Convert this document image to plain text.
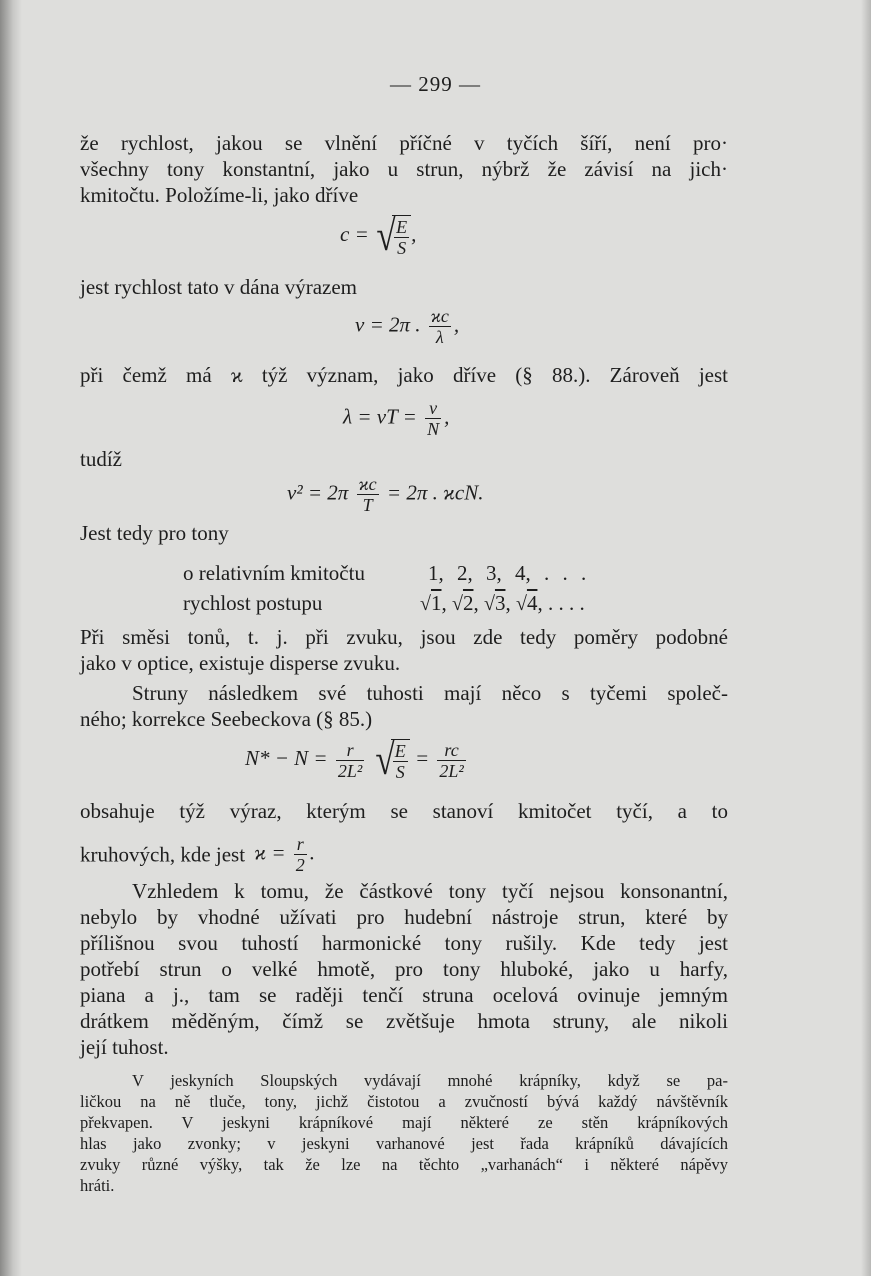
— 299 —
že rychlost, jakou se vlnění příčné v tyčích šíří, není pro·
všechny tony konstantní, jako u strun, nýbrž že závisí na jich·
kmitočtu. Položíme-li, jako dříve
c = √
$\frac{E}{S}$ ,
jest rychlost tato v dána výrazem
v = 2π . $\frac{ϰc}{\lambda}$ ,
při čemž má ϰ týž význam, jako dříve (§ 88.). Zároveň jest
λ = vT = $\frac{v}{N}$ ,
tudíž
$v^2 = 2\pi \frac{ϰc}{T} = 2\pi$ . ϰcN.
Jest tedy pro tony
o relativním kmitočtu	1, 2, 3, 4, . . .
rychlost postupu	√1, √2, √3, √4, . . . .
Při směsi tonů, t. j. při zvuku, jsou zde tedy poměry podobné
jako v optice, existuje disperse zvuku.
Struny následkem své tuhosti mají něco s tyčemi společ-
ného; korrekce Seebeckova (§ 85.)
$N* - N = \frac{r}{\text{2L²}}$ √
$\frac{E}{S} = \frac{rc}{\text{2L²}}$
obsahuje týž výraz, kterým se stanoví kmitočet tyčí, a to
kruhových, kde jest $ϰ = \frac{r}{2}$ .
Vzhledem k tomu, že částkové tony tyčí nejsou konsonantní,
nebylo by vhodné užívati pro hudební nástroje strun, které by
přílišnou svou tuhostí harmonické tony rušily. Kde tedy jest
potřebí strun o velké hmotě, pro tony hluboké, jako u harfy,
piana a j., tam se raději tenčí struna ocelová ovinuje jemným
drátkem měděným, čímž se zvětšuje hmota struny, ale nikoli
její tuhost.
V jeskyních Sloupských vydávají mnohé krápníky, když se pa-
ličkou na ně tluče, tony, jichž čistotou a zvučností bývá každý návštěvník
překvapen. V jeskyni krápníkové mají některé ze stěn krápníkových
hlas jako zvonky; v jeskyni varhanové jest řada krápníků dávajících
zvuky různé výšky, tak že lze na těchto „varhanách“ i některé nápěvy
hráti.
